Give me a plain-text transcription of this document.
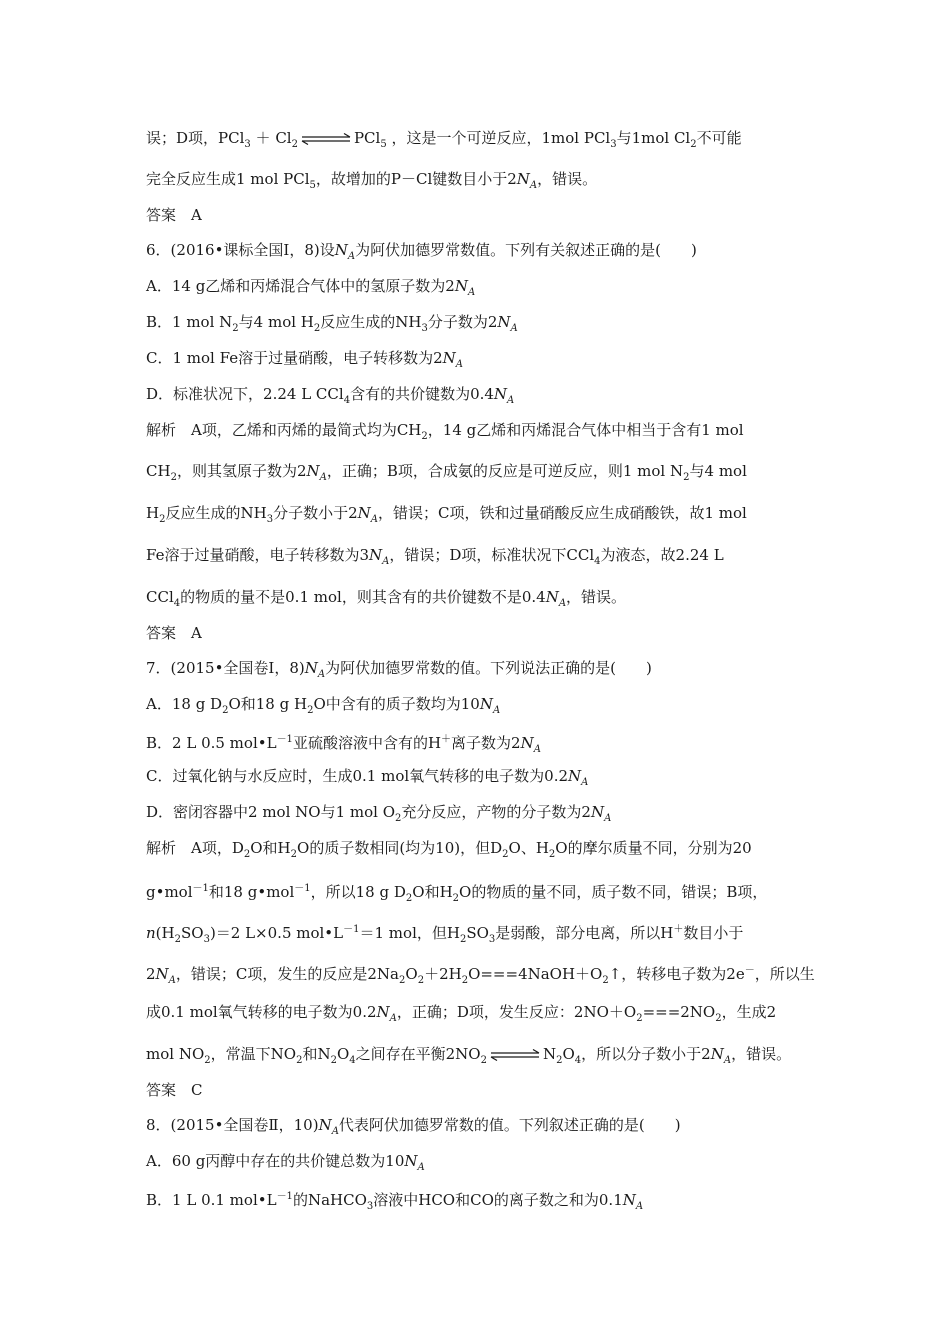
误；D项，$PCl_3 + Cl_2$ ⇌ PCl$_5$ ，这是一个可逆反应，1mol PCl$_3$与1mol $Cl_2$不可能
完全反应生成1 mol PCl$_5$，故增加的P－Cl键数目小于$2N_A$，错误。
答案　A
6．(2016•课标全国Ⅰ，8)设$N_A$为阿伏加德罗常数值。下列有关叙述正确的是(　　)
A．14 g乙烯和丙烯混合气体中的氢原子数为$2N_A$
B．1 mol $N_2$与4 mol $H_2$反应生成的$NH_3$分子数为$2N_A$
C．1 mol Fe溶于过量硝酸，电子转移数为$2N_A$
D．标准状况下，2.24 L CCl$_4$含有的共价键数为$0.4N_A$
解析　A项，乙烯和丙烯的最简式均为$CH_2$，14 g乙烯和丙烯混合气体中相当于含有1 mol
$CH_2$，则其氢原子数为$2N_A$，正确；B项，合成氨的反应是可逆反应，则1 mol $N_2$与4 mol
$H_2$反应生成的$NH_3$分子数小于$2N_A$，错误；C项，铁和过量硝酸反应生成硝酸铁，故1 mol
Fe溶于过量硝酸，电子转移数为$3N_A$，错误；D项，标准状况下CCl$_4$为液态，故2.24 L
CCl$_4$的物质的量不是0.1 mol，则其含有的共价键数不是$0.4N_A$，错误。
答案　A
7．(2015•全国卷Ⅰ，$8)N_A$为阿伏加德罗常数的值。下列说法正确的是(　　)
A．18 g $D_2O$和18 g $H_2O$中含有的质子数均为$10N_A$
B．2 L 0.5 $mol•L^{-1}$亚硫酸溶液中含有的H＋离子数为$2N_A$
C．过氧化钠与水反应时，生成0.1 mol氧气转移的电子数为$0.2N_A$
D．密闭容器中2 mol NO与1 mol $O_2$充分反应，产物的分子数为$2N_A$
解析　A项，$D_2O$和$H_2O$的质子数相同(均为10)，但$D_2O$、$H_2O$的摩尔质量不同，分别为20
g•mol$^{-1}$和18 g•mol$^{-1}$，所以18 g $D_2O$和$H_2O$的物质的量不同，质子数不同，错误；B项，
$n(H_2SO_3)=2$ L×0.5 $mol•L^{-1}=1$ mol，但$H_2SO_3$是弱酸，部分电离，所以H＋数目小于
$2N_A$，错误；C项，发生的反应是$2Na_2O_2+2H_2O===4NaOH+O_2↑$，转移电子数为2e－，所以生
成0.1 mol氧气转移的电子数为$0.2N_A$，正确；D项，发生反应：$2NO+O_2===2NO_2$，生成2
mol $NO_2$，常温下$NO_2$和$N_2O_4$之间存在平衡$2NO_2$ ⇌ $N_2O_4$，所以分子数小于$2N_A$，错误。
答案　C
8．(2015•全国卷Ⅱ，$10)N_A$代表阿伏加德罗常数的值。下列叙述正确的是(　　)
A．60 g丙醇中存在的共价键总数为$10N_A$
B．1 L 0.1 $mol•L^{-1}$的NaHCO$_3$溶液中HCO和CO的离子数之和为$0.1N_A$
